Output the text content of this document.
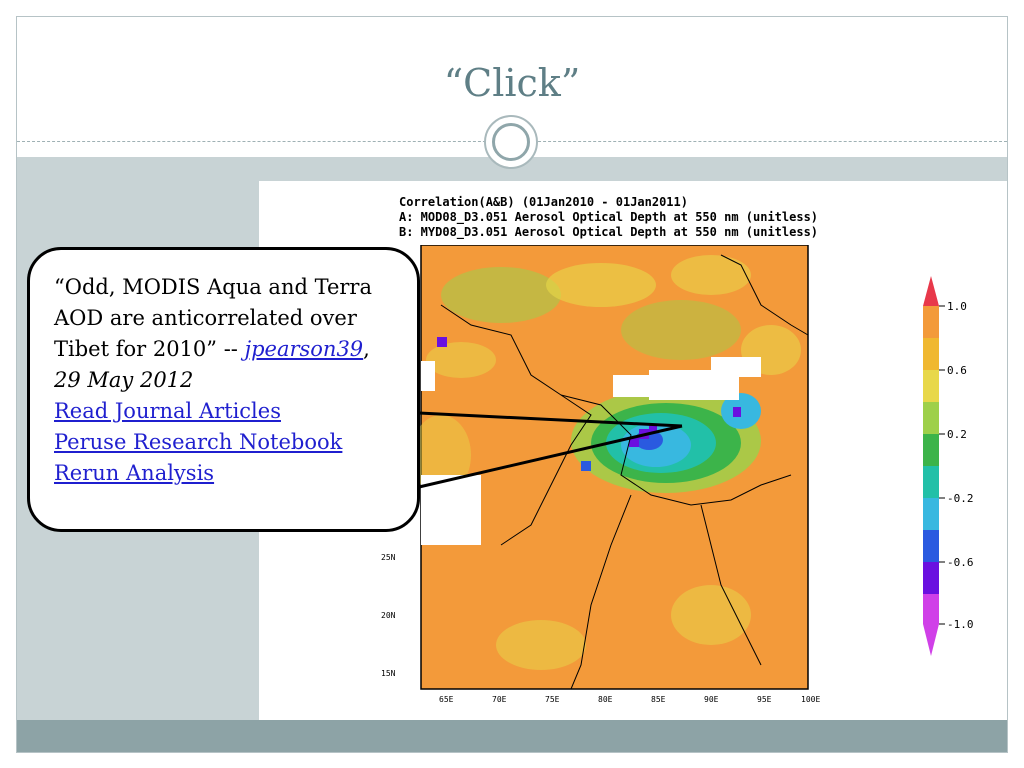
“Click”
Correlation(A&B) (01Jan2010 - 01Jan2011)
A: MOD08_D3.051 Aerosol Optical Depth at 550 nm (unitless)
B: MYD08_D3.051 Aerosol Optical Depth at 550 nm (unitless)
25N
20N
15N
65E	70E	75E	80E	85E	90E	95E	100E
1.0
0.6
0.2
-0.2
-0.6
-1.0
“Odd, MODIS Aqua and Terra AOD are anticorrelated over Tibet for 2010” -- jpearson39,
29 May 2012
Read Journal Articles
Peruse Research Notebook
Rerun Analysis
